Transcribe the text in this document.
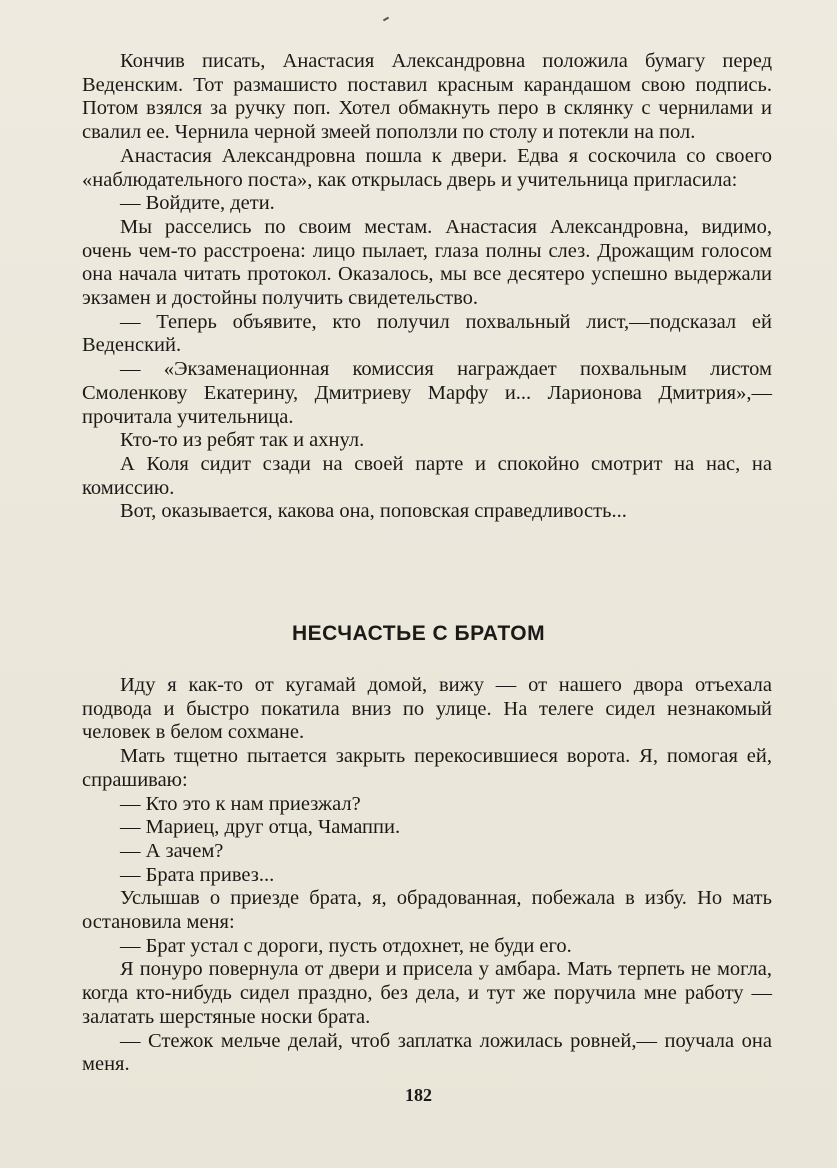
Кончив писать, Анастасия Александровна положила бумагу перед Веденским. Тот размашисто поставил красным карандашом свою подпись. Потом взялся за ручку поп. Хотел обмакнуть перо в склянку с чернилами и свалил ее. Чернила черной змеей поползли по столу и потекли на пол.

Анастасия Александровна пошла к двери. Едва я соскочила со своего «наблюдательного поста», как открылась дверь и учительница пригласила:

— Войдите, дети.

Мы расселись по своим местам. Анастасия Александровна, видимо, очень чем-то расстроена: лицо пылает, глаза полны слез. Дрожащим голосом она начала читать протокол. Оказалось, мы все десятеро успешно выдержали экзамен и достойны получить свидетельство.

— Теперь объявите, кто получил похвальный лист,—подсказал ей Веденский.

— «Экзаменационная комиссия награждает похвальным листом Смоленкову Екатерину, Дмитриеву Марфу и... Ларионова Дмитрия»,— прочитала учительница.

Кто-то из ребят так и ахнул.

А Коля сидит сзади на своей парте и спокойно смотрит на нас, на комиссию.

Вот, оказывается, какова она, поповская справедливость...

НЕСЧАСТЬЕ С БРАТОМ

Иду я как-то от кугамай домой, вижу — от нашего двора отъехала подвода и быстро покатила вниз по улице. На телеге сидел незнакомый человек в белом сохмане.

Мать тщетно пытается закрыть перекосившиеся ворота. Я, помогая ей, спрашиваю:

— Кто это к нам приезжал?

— Мариец, друг отца, Чамаппи.

— А зачем?

— Брата привез...

Услышав о приезде брата, я, обрадованная, побежала в избу. Но мать остановила меня:

— Брат устал с дороги, пусть отдохнет, не буди его.

Я понуро повернула от двери и присела у амбара. Мать терпеть не могла, когда кто-нибудь сидел праздно, без дела, и тут же поручила мне работу — залатать шерстяные носки брата.

— Стежок мельче делай, чтоб заплатка ложилась ровней,— поучала она меня.

182
